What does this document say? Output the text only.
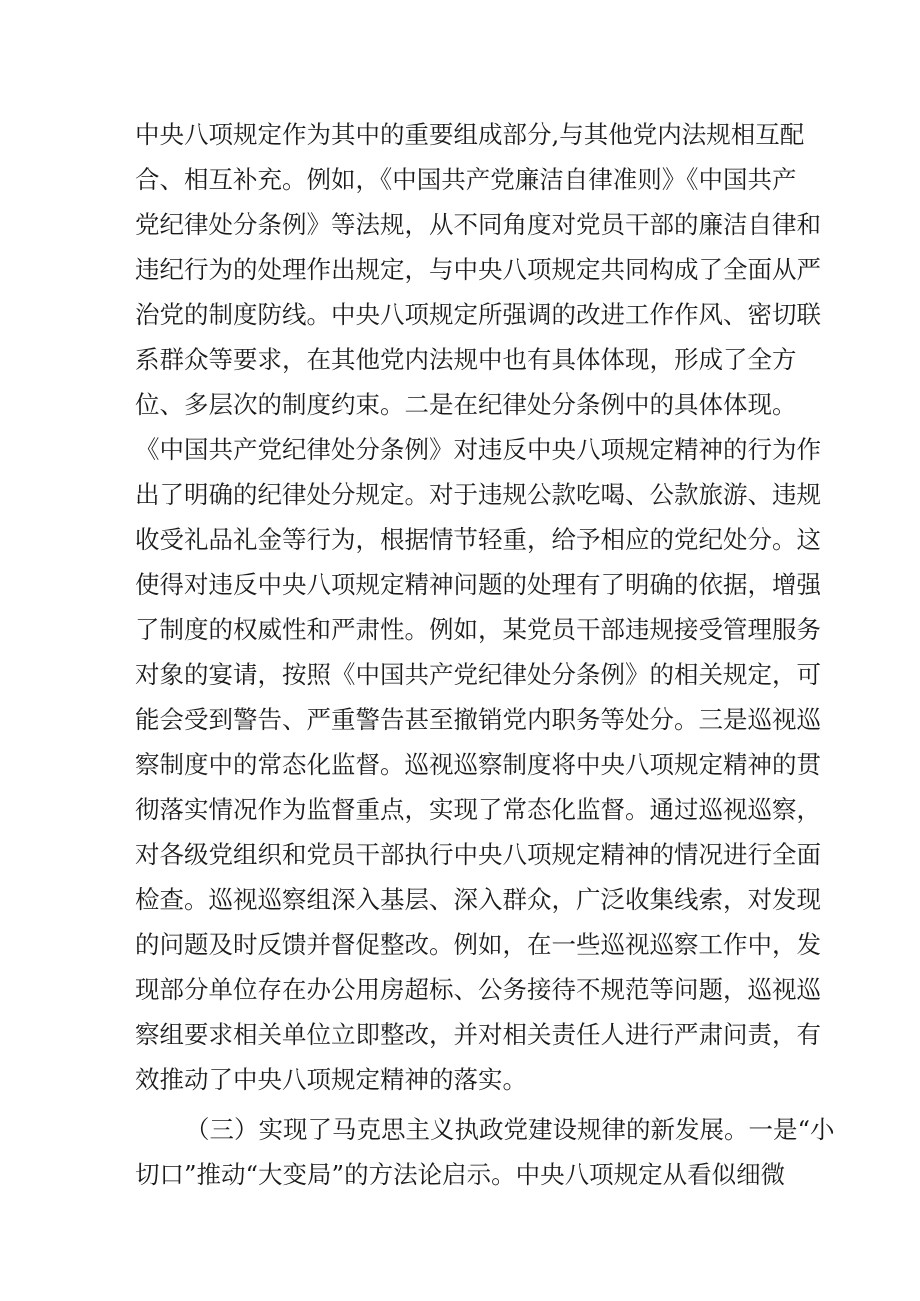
中央八项规定作为其中的重要组成部分,与其他党内法规相互配
合、相互补充。例如，《中国共产党廉洁自律准则》《中国共产
党纪律处分条例》等法规，从不同角度对党员干部的廉洁自律和
违纪行为的处理作出规定，与中央八项规定共同构成了全面从严
治党的制度防线。中央八项规定所强调的改进工作作风、密切联
系群众等要求，在其他党内法规中也有具体体现，形成了全方
位、多层次的制度约束。二是在纪律处分条例中的具体体现。
《中国共产党纪律处分条例》对违反中央八项规定精神的行为作
出了明确的纪律处分规定。对于违规公款吃喝、公款旅游、违规
收受礼品礼金等行为，根据情节轻重，给予相应的党纪处分。这
使得对违反中央八项规定精神问题的处理有了明确的依据，增强
了制度的权威性和严肃性。例如，某党员干部违规接受管理服务
对象的宴请，按照《中国共产党纪律处分条例》的相关规定，可
能会受到警告、严重警告甚至撤销党内职务等处分。三是巡视巡
察制度中的常态化监督。巡视巡察制度将中央八项规定精神的贯
彻落实情况作为监督重点，实现了常态化监督。通过巡视巡察，
对各级党组织和党员干部执行中央八项规定精神的情况进行全面
检查。巡视巡察组深入基层、深入群众，广泛收集线索，对发现
的问题及时反馈并督促整改。例如，在一些巡视巡察工作中，发
现部分单位存在办公用房超标、公务接待不规范等问题，巡视巡
察组要求相关单位立即整改，并对相关责任人进行严肃问责，有
效推动了中央八项规定精神的落实。
（三）实现了马克思主义执政党建设规律的新发展。一是“小
切口”推动“大变局”的方法论启示。中央八项规定从看似细微
